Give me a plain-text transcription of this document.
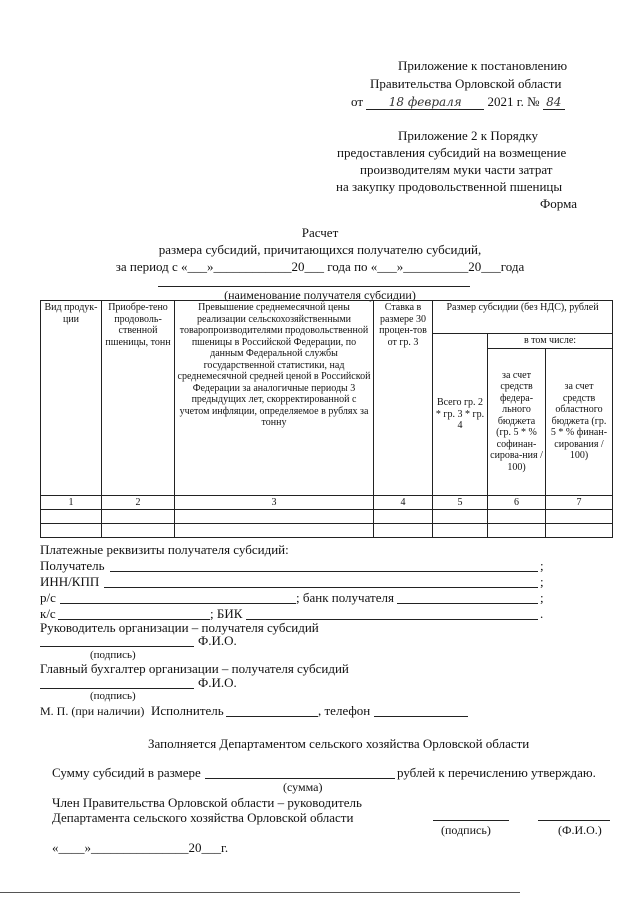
Приложение к постановлению
Правительства Орловской области
от 18 февраля 2021 г. № 84
Приложение 2 к Порядку
предоставления субсидий на возмещение
производителям муки части затрат
на закупку продовольственной пшеницы
Форма
Расчет
размера субсидий, причитающихся получателю субсидий,
за период с «___»____________20___ года по «___»__________20___года
(наименование получателя субсидии)
Вид продук-ции	Приобре-тено продоволь-ственной пшеницы, тонн	Превышение среднемесячной цены реализации сельскохозяйственными товаропроизводителями продовольственной пшеницы в Российской Федерации, по данным Федеральной службы государственной статистики, над среднемесячной средней ценой в Российской Федерации за аналогичные периоды 3 предыдущих лет, скорректированной с учетом инфляции, определяемое в рублях за тонну	Ставка в размере 30 процен-тов от гр. 3	Размер субсидии (без НДС), рублей		
				Всего гр. 2 * гр. 3 * гр. 4	в том числе:	
					за счет средств федера-льного бюджета (гр. 5 * % софинан-сирова-ния / 100)	за счет средств областного бюджета (гр. 5 * % финан-сирования / 100)
1	2	3	4	5	6	7

Платежные реквизиты получателя субсидий:
Получатель	;
ИНН/КПП	;
р/с	; банк получателя	;
к/с	; БИК	.
Руководитель организации – получателя субсидий
Ф.И.О.
(подпись)
Главный бухгалтер организации – получателя субсидий
Ф.И.О.
(подпись)
М. П. (при наличии) Исполнитель	, телефон
Заполняется Департаментом сельского хозяйства Орловской области
Сумму субсидий в размере	рублей к перечислению утверждаю.
(сумма)
Член Правительства Орловской области – руководитель
Департамента сельского хозяйства Орловской области
(подпись)	(Ф.И.О.)
«____»_______________20___г.
